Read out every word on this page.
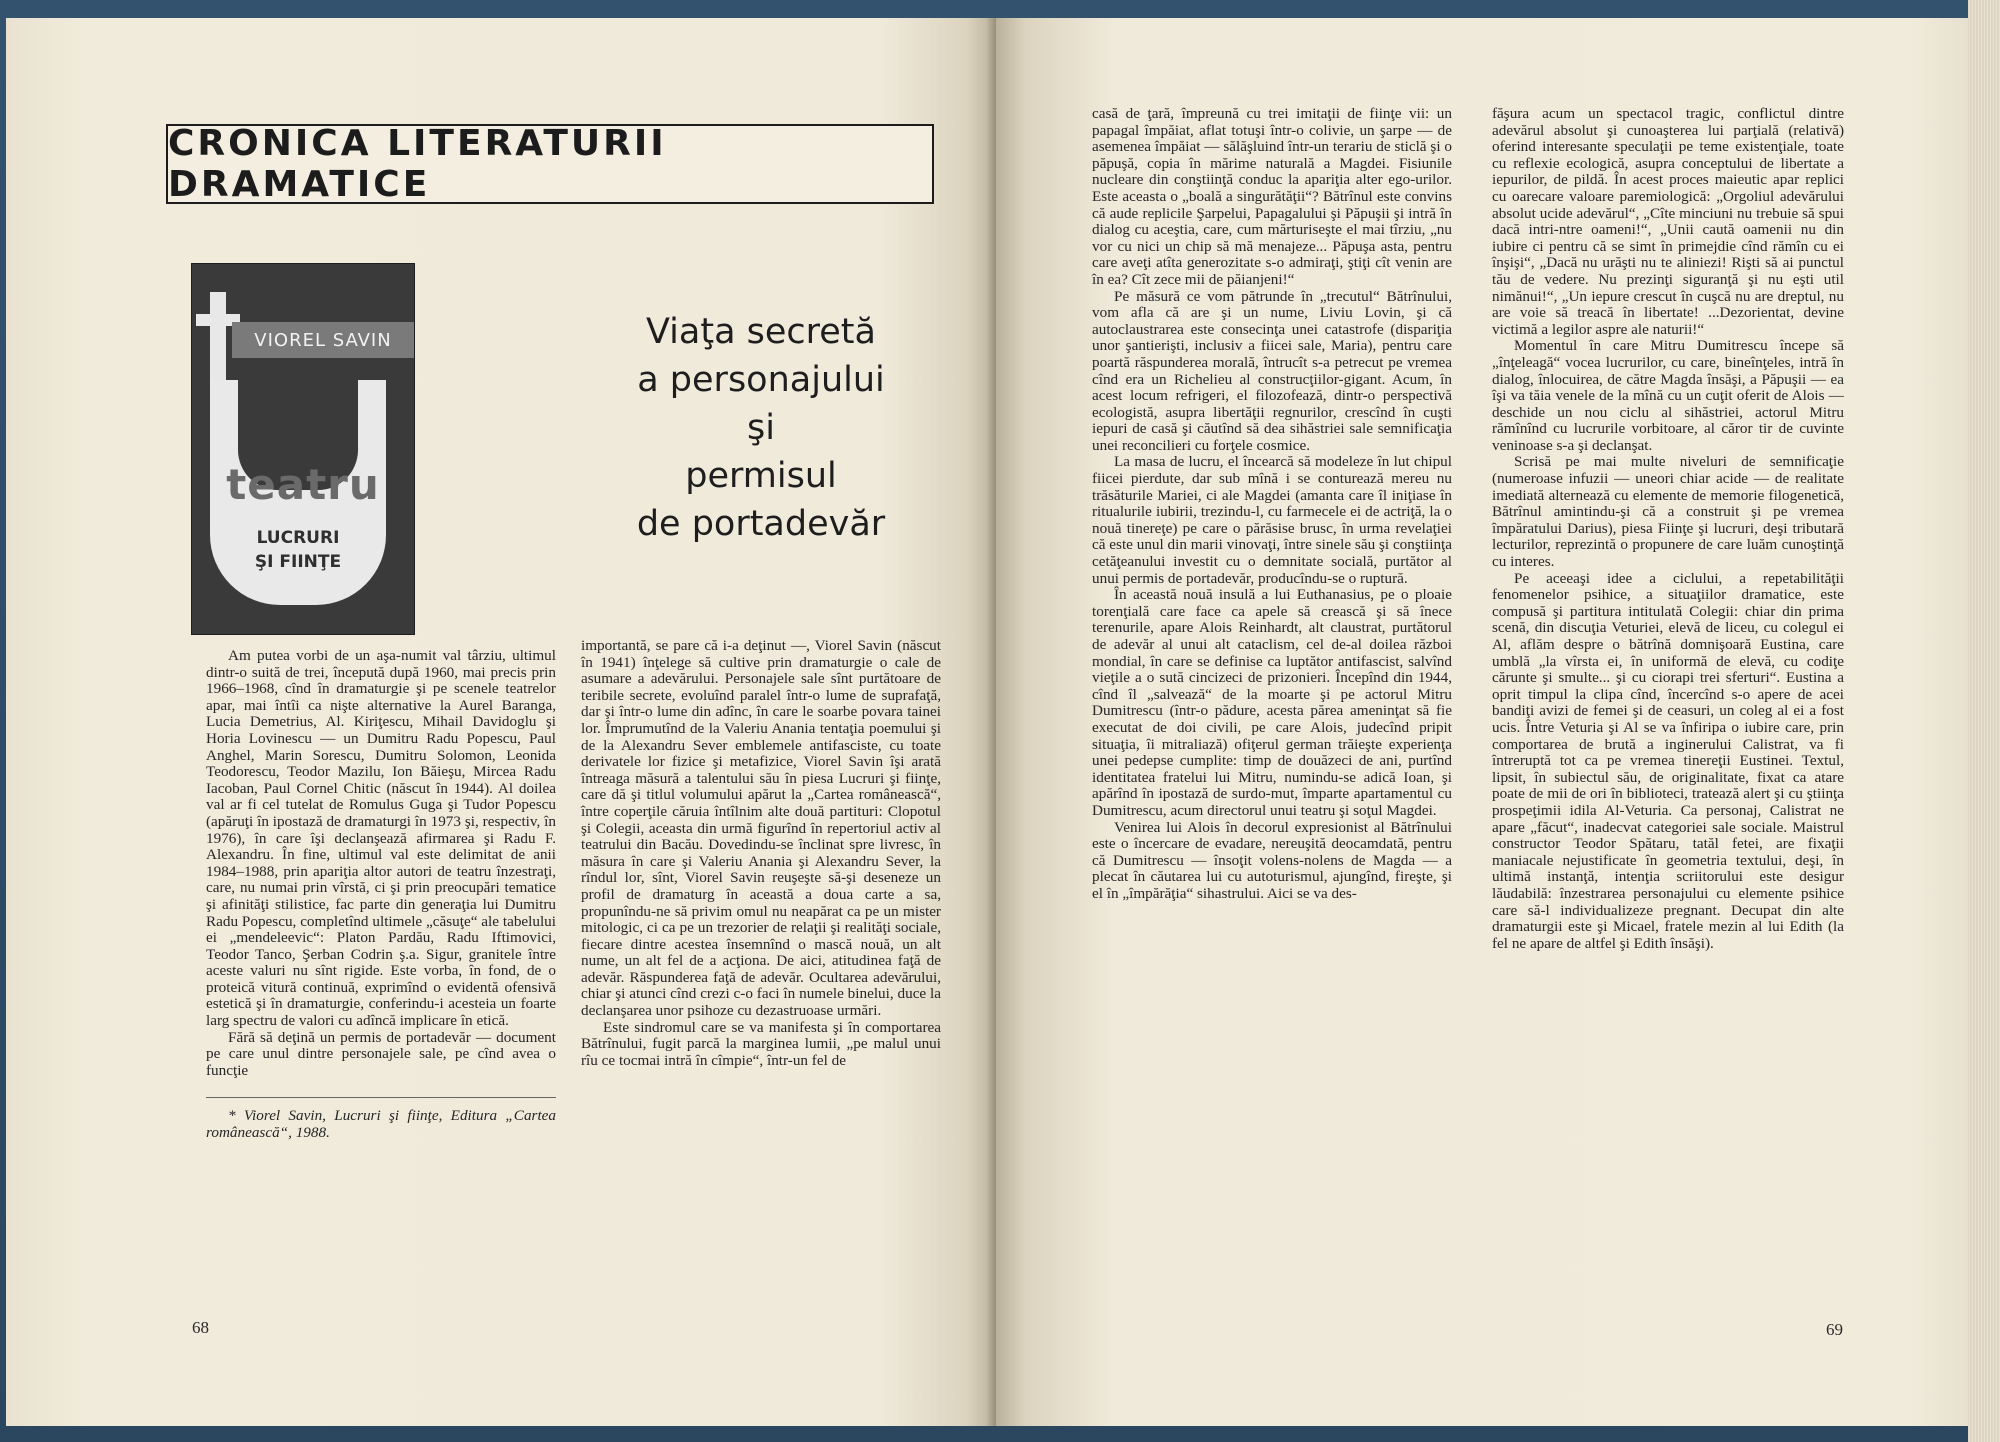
CRONICA LITERATURII DRAMATICE
VIOREL SAVIN
teatru
LUCRURI
ŞI FIINŢE
Viaţa secretă
a personajului
şi
permisul
de portadevăr

Am putea vorbi de un aşa-numit val târziu, ultimul dintr-o suită de trei, începută după 1960, mai precis prin 1966–1968, cînd în dramaturgie şi pe scenele teatrelor apar, mai întîi ca nişte alternative la Aurel Baranga, Lucia Demetrius, Al. Kiriţescu, Mihail Davidoglu şi Horia Lovinescu — un Dumitru Radu Popescu, Paul Anghel, Marin Sorescu, Dumitru Solomon, Leonida Teodorescu, Teodor Mazilu, Ion Băieşu, Mircea Radu Iacoban, Paul Cornel Chitic (născut în 1944). Al doilea val ar fi cel tutelat de Romulus Guga şi Tudor Popescu (apăruţi în ipostază de dramaturgi în 1973 şi, respectiv, în 1976), în care îşi declanşează afirmarea şi Radu F. Alexandru. În fine, ultimul val este delimitat de anii 1984–1988, prin apariţia altor autori de teatru înzestraţi, care, nu numai prin vîrstă, ci şi prin preocupări tematice şi afinităţi stilistice, fac parte din generaţia lui Dumitru Radu Popescu, completînd ultimele „căsuţe“ ale tabelului ei „mendeleevic“: Platon Pardău, Radu Iftimovici, Teodor Tanco, Şerban Codrin ş.a. Sigur, granitele între aceste valuri nu sînt rigide. Este vorba, în fond, de o proteică vitură continuă, exprimînd o evidentă ofensivă estetică şi în dramaturgie, conferindu-i acesteia un foarte larg spectru de valori cu adîncă implicare în etică.

Fără să deţină un permis de portadevăr — document pe care unul dintre personajele sale, pe cînd avea o funcţie

* Viorel Savin, Lucruri şi fiinţe, Editura „Cartea românească“, 1988.

importantă, se pare că i-a deţinut —, Viorel Savin (născut în 1941) înţelege să cultive prin dramaturgie o cale de asumare a adevărului. Personajele sale sînt purtătoare de teribile secrete, evoluînd paralel într-o lume de suprafaţă, dar şi într-o lume din adînc, în care le soarbe povara tainei lor. Împrumutînd de la Valeriu Anania tentaţia poemului şi de la Alexandru Sever emblemele antifasciste, cu toate derivatele lor fizice şi metafizice, Viorel Savin îşi arată întreaga măsură a talentului său în piesa Lucruri şi fiinţe, care dă şi titlul volumului apărut la „Cartea românească“, între coperţile căruia întîlnim alte două partituri: Clopotul şi Colegii, aceasta din urmă figurînd în repertoriul activ al teatrului din Bacău. Dovedindu-se înclinat spre livresc, în măsura în care şi Valeriu Anania şi Alexandru Sever, la rîndul lor, sînt, Viorel Savin reuşeşte să-şi deseneze un profil de dramaturg în această a doua carte a sa, propunîndu-ne să privim omul nu neapărat ca pe un mister mitologic, ci ca pe un trezorier de relaţii şi realităţi sociale, fiecare dintre acestea însemnînd o mască nouă, un alt nume, un alt fel de a acţiona. De aici, atitudinea faţă de adevăr. Răspunderea faţă de adevăr. Ocultarea adevărului, chiar şi atunci cînd crezi c-o faci în numele binelui, duce la declanşarea unor psihoze cu dezastruoase urmări.

Este sindromul care se va manifesta şi în comportarea Bătrînului, fugit parcă la marginea lumii, „pe malul unui rîu ce tocmai intră în cîmpie“, într-un fel de

68

casă de ţară, împreună cu trei imitaţii de fiinţe vii: un papagal împăiat, aflat totuşi într-o colivie, un şarpe — de asemenea împăiat — sălăşluind într-un terariu de sticlă şi o păpuşă, copia în mărime naturală a Magdei. Fisiunile nucleare din conştiinţă conduc la apariţia alter ego-urilor. Este aceasta o „boală a singurătăţii“? Bătrînul este convins că aude replicile Şarpelui, Papagalului şi Păpuşii şi intră în dialog cu aceştia, care, cum mărturiseşte el mai tîrziu, „nu vor cu nici un chip să mă menajeze... Păpuşa asta, pentru care aveţi atîta generozitate s-o admiraţi, ştiţi cît venin are în ea? Cît zece mii de păianjeni!“

Pe măsură ce vom pătrunde în „trecutul“ Bătrînului, vom afla că are şi un nume, Liviu Lovin, şi că autoclaustrarea este consecinţa unei catastrofe (dispariţia unor şantierişti, inclusiv a fiicei sale, Maria), pentru care poartă răspunderea morală, întrucît s-a petrecut pe vremea cînd era un Richelieu al construcţiilor-gigant. Acum, în acest locum refrigeri, el filozofează, dintr-o perspectivă ecologistă, asupra libertăţii regnurilor, crescînd în cuşti iepuri de casă şi căutînd să dea sihăstriei sale semnificaţia unei reconcilieri cu forţele cosmice.

La masa de lucru, el încearcă să modeleze în lut chipul fiicei pierdute, dar sub mînă i se conturează mereu nu trăsăturile Mariei, ci ale Magdei (amanta care îl iniţiase în ritualurile iubirii, trezindu-l, cu farmecele ei de actriţă, la o nouă tinereţe) pe care o părăsise brusc, în urma revelaţiei că este unul din marii vinovaţi, între sinele său şi conştiinţa cetăţeanului investit cu o demnitate socială, purtător al unui permis de portadevăr, producîndu-se o ruptură.

În această nouă insulă a lui Euthanasius, pe o ploaie torenţială care face ca apele să crească şi să înece terenurile, apare Alois Reinhardt, alt claustrat, purtătorul de adevăr al unui alt cataclism, cel de-al doilea război mondial, în care se definise ca luptător antifascist, salvînd vieţile a o sută cincizeci de prizonieri. Începînd din 1944, cînd îl „salvează“ de la moarte şi pe actorul Mitru Dumitrescu (într-o pădure, acesta părea ameninţat să fie executat de doi civili, pe care Alois, judecînd pripit situaţia, îi mitraliază) ofiţerul german trăieşte experienţa unei pedepse cumplite: timp de douăzeci de ani, purtînd identitatea fratelui lui Mitru, numindu-se adică Ioan, şi apărînd în ipostază de surdo-mut, împarte apartamentul cu Dumitrescu, acum directorul unui teatru şi soţul Magdei.

Venirea lui Alois în decorul expresionist al Bătrînului este o încercare de evadare, nereuşită deocamdată, pentru că Dumitrescu — însoţit volens-nolens de Magda — a plecat în căutarea lui cu autoturismul, ajungînd, fireşte, şi el în „împărăţia“ sihastrului. Aici se va des-

făşura acum un spectacol tragic, conflictul dintre adevărul absolut şi cunoaşterea lui parţială (relativă) oferind interesante speculaţii pe teme existenţiale, toate cu reflexie ecologică, asupra conceptului de libertate a iepurilor, de pildă. În acest proces maieutic apar replici cu oarecare valoare paremiologică: „Orgoliul adevărului absolut ucide adevărul“, „Cîte minciuni nu trebuie să spui dacă intri-ntre oameni!“, „Unii caută oamenii nu din iubire ci pentru că se simt în primejdie cînd rămîn cu ei înşişi“, „Dacă nu urăşti nu te aliniezi! Rişti să ai punctul tău de vedere. Nu prezinţi siguranţă şi nu eşti util nimănui!“, „Un iepure crescut în cuşcă nu are dreptul, nu are voie să treacă în libertate! ...Dezorientat, devine victimă a legilor aspre ale naturii!“

Momentul în care Mitru Dumitrescu începe să „înţeleagă“ vocea lucrurilor, cu care, bineînţeles, intră în dialog, înlocuirea, de către Magda însăşi, a Păpuşii — ea îşi va tăia venele de la mînă cu un cuţit oferit de Alois — deschide un nou ciclu al sihăstriei, actorul Mitru rămînînd cu lucrurile vorbitoare, al căror tir de cuvinte veninoase s-a şi declanşat.

Scrisă pe mai multe niveluri de semnificaţie (numeroase infuzii — uneori chiar acide — de realitate imediată alternează cu elemente de memorie filogenetică, Bătrînul amintindu-şi că a construit şi pe vremea împăratului Darius), piesa Fiinţe şi lucruri, deşi tributară lecturilor, reprezintă o propunere de care luăm cunoştinţă cu interes.

Pe aceeaşi idee a ciclului, a repetabilităţii fenomenelor psihice, a situaţiilor dramatice, este compusă şi partitura intitulată Colegii: chiar din prima scenă, din discuţia Veturiei, elevă de liceu, cu colegul ei Al, aflăm despre o bătrînă domnişoară Eustina, care umblă „la vîrsta ei, în uniformă de elevă, cu codiţe cărunte şi smulte... şi cu ciorapi trei sferturi“. Eustina a oprit timpul la clipa cînd, încercînd s-o apere de acei bandiţi avizi de femei şi de ceasuri, un coleg al ei a fost ucis. Între Veturia şi Al se va înfiripa o iubire care, prin comportarea de brută a inginerului Calistrat, va fi întreruptă tot ca pe vremea tinereţii Eustinei. Textul, lipsit, în subiectul său, de originalitate, fixat ca atare poate de mii de ori în biblioteci, tratează alert şi cu ştiinţa prospeţimii idila Al-Veturia. Ca personaj, Calistrat ne apare „făcut“, inadecvat categoriei sale sociale. Maistrul constructor Teodor Spătaru, tatăl fetei, are fixaţii maniacale nejustificate în geometria textului, deşi, în ultimă instanţă, intenţia scriitorului este desigur lăudabilă: înzestrarea personajului cu elemente psihice care să-l individualizeze pregnant. Decupat din alte dramaturgii este şi Micael, fratele mezin al lui Edith (la fel ne apare de altfel şi Edith însăşi).

69
